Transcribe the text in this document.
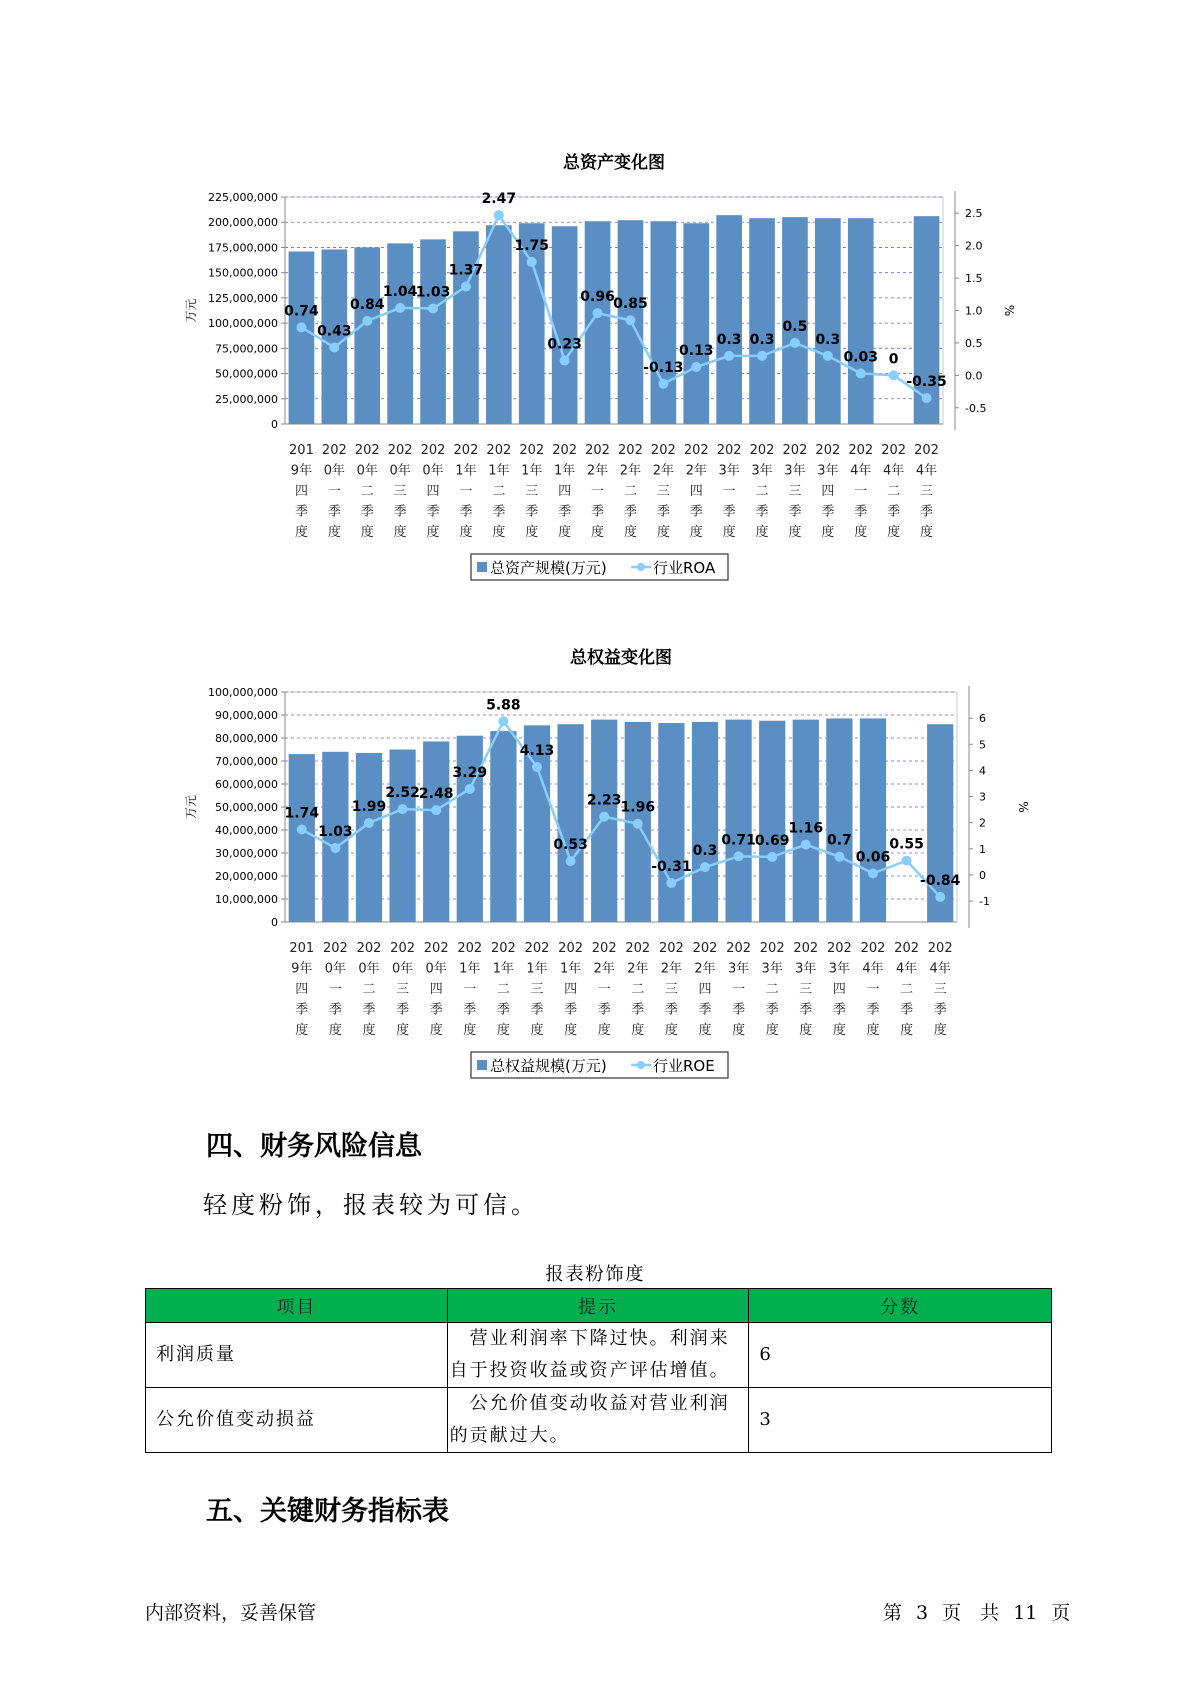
总资产变化图
0
25,000,000
50,000,000
75,000,000
100,000,000
125,000,000
150,000,000
175,000,000
200,000,000
225,000,000
万元
-0.5
0.0
0.5
1.0
1.5
2.0
2.5
%
0.74
0.43
0.84
1.04
1.03
1.37
2.47
1.75
0.23
0.96
0.85
-0.13
0.13
0.3 0.3
0.5
0.3
0.03 0
-0.35
201
9年
四
季
度
202
0年
一
季
度
202
0年
二
季
度
202
0年
三
季
度
202
0年
四
季
度
202
1年
一
季
度
202
1年
二
季
度
202
1年
三
季
度
202
1年
四
季
度
202
2年
一
季
度
202
2年
二
季
度
202
2年
三
季
度
202
2年
四
季
度
202
3年
一
季
度
202
3年
二
季
度
202
3年
三
季
度
202
3年
四
季
度
202
4年
一
季
度
202
4年
二
季
度
202
4年
三
季
度
总资产规模(万元)	行业ROA
总权益变化图
0
10,000,000
20,000,000
30,000,000
40,000,000
50,000,000
60,000,000
70,000,000
80,000,000
90,000,000
100,000,000
万元
-1
0
1
2
3
4
5
6
%
1.74
1.03
1.99
2.52 2.48
3.29
5.88
4.13
0.53
2.23 1.96
-0.31
0.3
0.71 0.69
1.16
0.7
0.06
0.55
-0.84
201
9年
四
季
度
202
0年
一
季
度
202
0年
二
季
度
202
0年
三
季
度
202
0年
四
季
度
202
1年
一
季
度
202
1年
二
季
度
202
1年
三
季
度
202
1年
四
季
度
202
2年
一
季
度
202
2年
二
季
度
202
2年
三
季
度
202
2年
四
季
度
202
3年
一
季
度
202
3年
二
季
度
202
3年
三
季
度
202
3年
四
季
度
202
4年
一
季
度
202
4年
二
季
度
202
4年
三
季
度
总权益规模(万元)	行业ROE
四、财务风险信息

轻度粉饰，报表较为可信。

报表粉饰度
项目	提示	分数
利润质量	　营业利润率下降过快。利润来自于投资收益或资产评估增值。	6
公允价值变动损益	　公允价值变动收益对营业利润的贡献过大。	3
五、关键财务指标表
内部资料，妥善保管	第 3 页　共 11 页
